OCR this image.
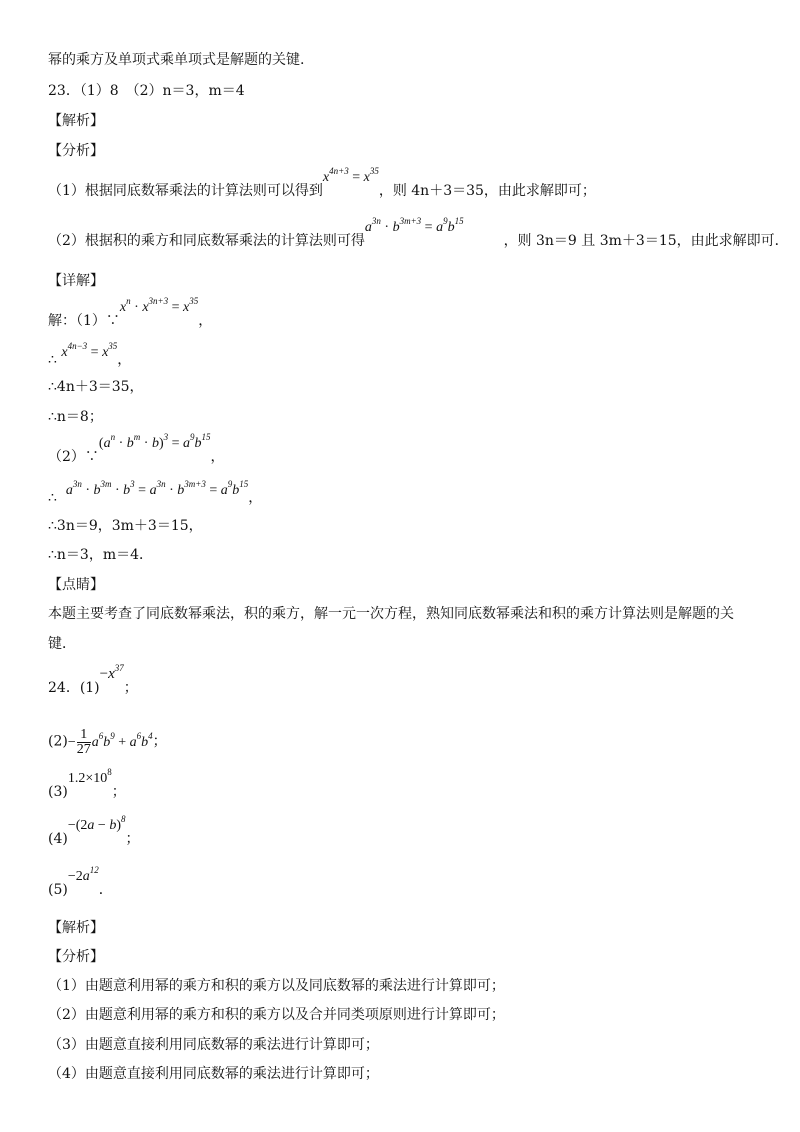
幂的乘方及单项式乘单项式是解题的关键.
23．（1）8　（2）n＝3，m＝4
【解析】
【分析】
（1）根据同底数幂乘法的计算法则可以得到$x^{4n+3} = x^{35}$，则 4n＋3＝35，由此求解即可；
（2）根据积的乘方和同底数幂乘法的计算法则可得$a^{3n} \cdot b^{3m+3} = a^9b^{15}$，则 3n＝9 且 3m＋3＝15，由此求解即可．
【详解】
解：$(1)\because x^n \cdot x^{3n+3} = x^{35}$，
∴ $x^{4n-3} = x^{35}$，
∴4n＋3＝35，
∴n＝8；
$(2)\because(a^n \cdot b^m \cdot b)^3 = a^9b^{15}$，
∴ $a^{3n} \cdot b^{3m} \cdot b^3 = a^{3n} \cdot b^{3m+3} = a^9b^{15}$，
∴3n＝9，3m＋3＝15，
∴n＝3，m＝4．
【点睛】
本题主要考查了同底数幂乘法，积的乘方，解一元一次方程，熟知同底数幂乘法和积的乘方计算法则是解题的关
键．
24．$(1)-x^{37}$；
$(2)- \frac{1}{27} a^6b^9 + a^6b^4$；
$(3)1.2\times 10^8$；
$(4)-(2a - b)^8$；
$(5)-2a^{12}$．
【解析】
【分析】
（1）由题意利用幂的乘方和积的乘方以及同底数幂的乘法进行计算即可；
（2）由题意利用幂的乘方和积的乘方以及合并同类项原则进行计算即可；
（3）由题意直接利用同底数幂的乘法进行计算即可；
（4）由题意直接利用同底数幂的乘法进行计算即可；
